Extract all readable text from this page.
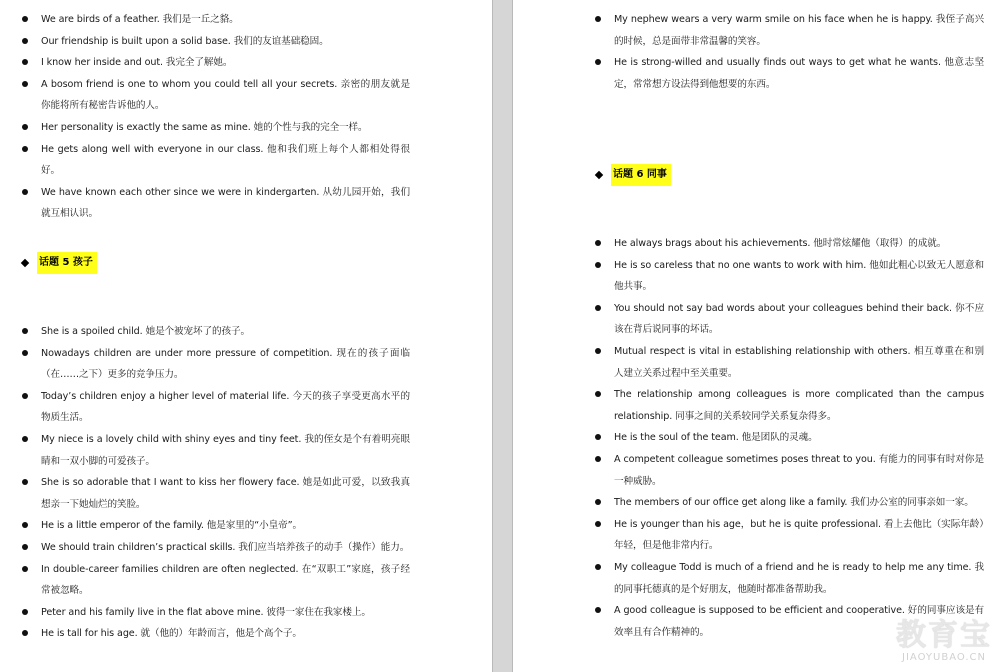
We are birds of a feather. 我们是一丘之貉。
Our friendship is built upon a solid base. 我们的友谊基础稳固。
I know her inside and out. 我完全了解她。
A bosom friend is one to whom you could tell all your secrets. 亲密的朋友就是你能将所有秘密告诉他的人。
Her personality is exactly the same as mine. 她的个性与我的完全一样。
He gets along well with everyone in our class. 他和我们班上每个人都相处得很好。
We have known each other since we were in kindergarten. 从幼儿园开始，我们就互相认识。
话题 5 孩子
She is a spoiled child. 她是个被宠坏了的孩子。
Nowadays children are under more pressure of competition. 现在的孩子面临（在……之下）更多的竞争压力。
Today’s children enjoy a higher level of material life. 今天的孩子享受更高水平的物质生活。
My niece is a lovely child with shiny eyes and tiny feet. 我的侄女是个有着明亮眼睛和一双小脚的可爱孩子。
She is so adorable that I want to kiss her flowery face. 她是如此可爱，以致我真想亲一下她灿烂的笑脸。
He is a little emperor of the family. 他是家里的“小皇帝”。
We should train children’s practical skills. 我们应当培养孩子的动手（操作）能力。
In double-career families children are often neglected. 在“双职工”家庭，孩子经常被忽略。
Peter and his family live in the flat above mine. 彼得一家住在我家楼上。
He is tall for his age. 就（他的）年龄而言，他是个高个子。
My nephew wears a very warm smile on his face when he is happy. 我侄子高兴的时候，总是面带非常温馨的笑容。
He is strong-willed and usually finds out ways to get what he wants. 他意志坚定，常常想方设法得到他想要的东西。
话题 6 同事
He always brags about his achievements. 他时常炫耀他（取得）的成就。
He is so careless that no one wants to work with him. 他如此粗心以致无人愿意和他共事。
You should not say bad words about your colleagues behind their back. 你不应该在背后说同事的坏话。
Mutual respect is vital in establishing relationship with others. 相互尊重在和别人建立关系过程中至关重要。
The relationship among colleagues is more complicated than the campus relationship. 同事之间的关系较同学关系复杂得多。
He is the soul of the team. 他是团队的灵魂。
A competent colleague sometimes poses threat to you. 有能力的同事有时对你是一种威胁。
The members of our office get along like a family. 我们办公室的同事亲如一家。
He is younger than his age，but he is quite professional. 看上去他比（实际年龄）年轻，但是他非常内行。
My colleague Todd is much of a friend and he is ready to help me any time. 我的同事托德真的是个好朋友，他随时都准备帮助我。
A good colleague is supposed to be efficient and cooperative. 好的同事应该是有效率且有合作精神的。	教育宝
JIAOYUBAO.CN
